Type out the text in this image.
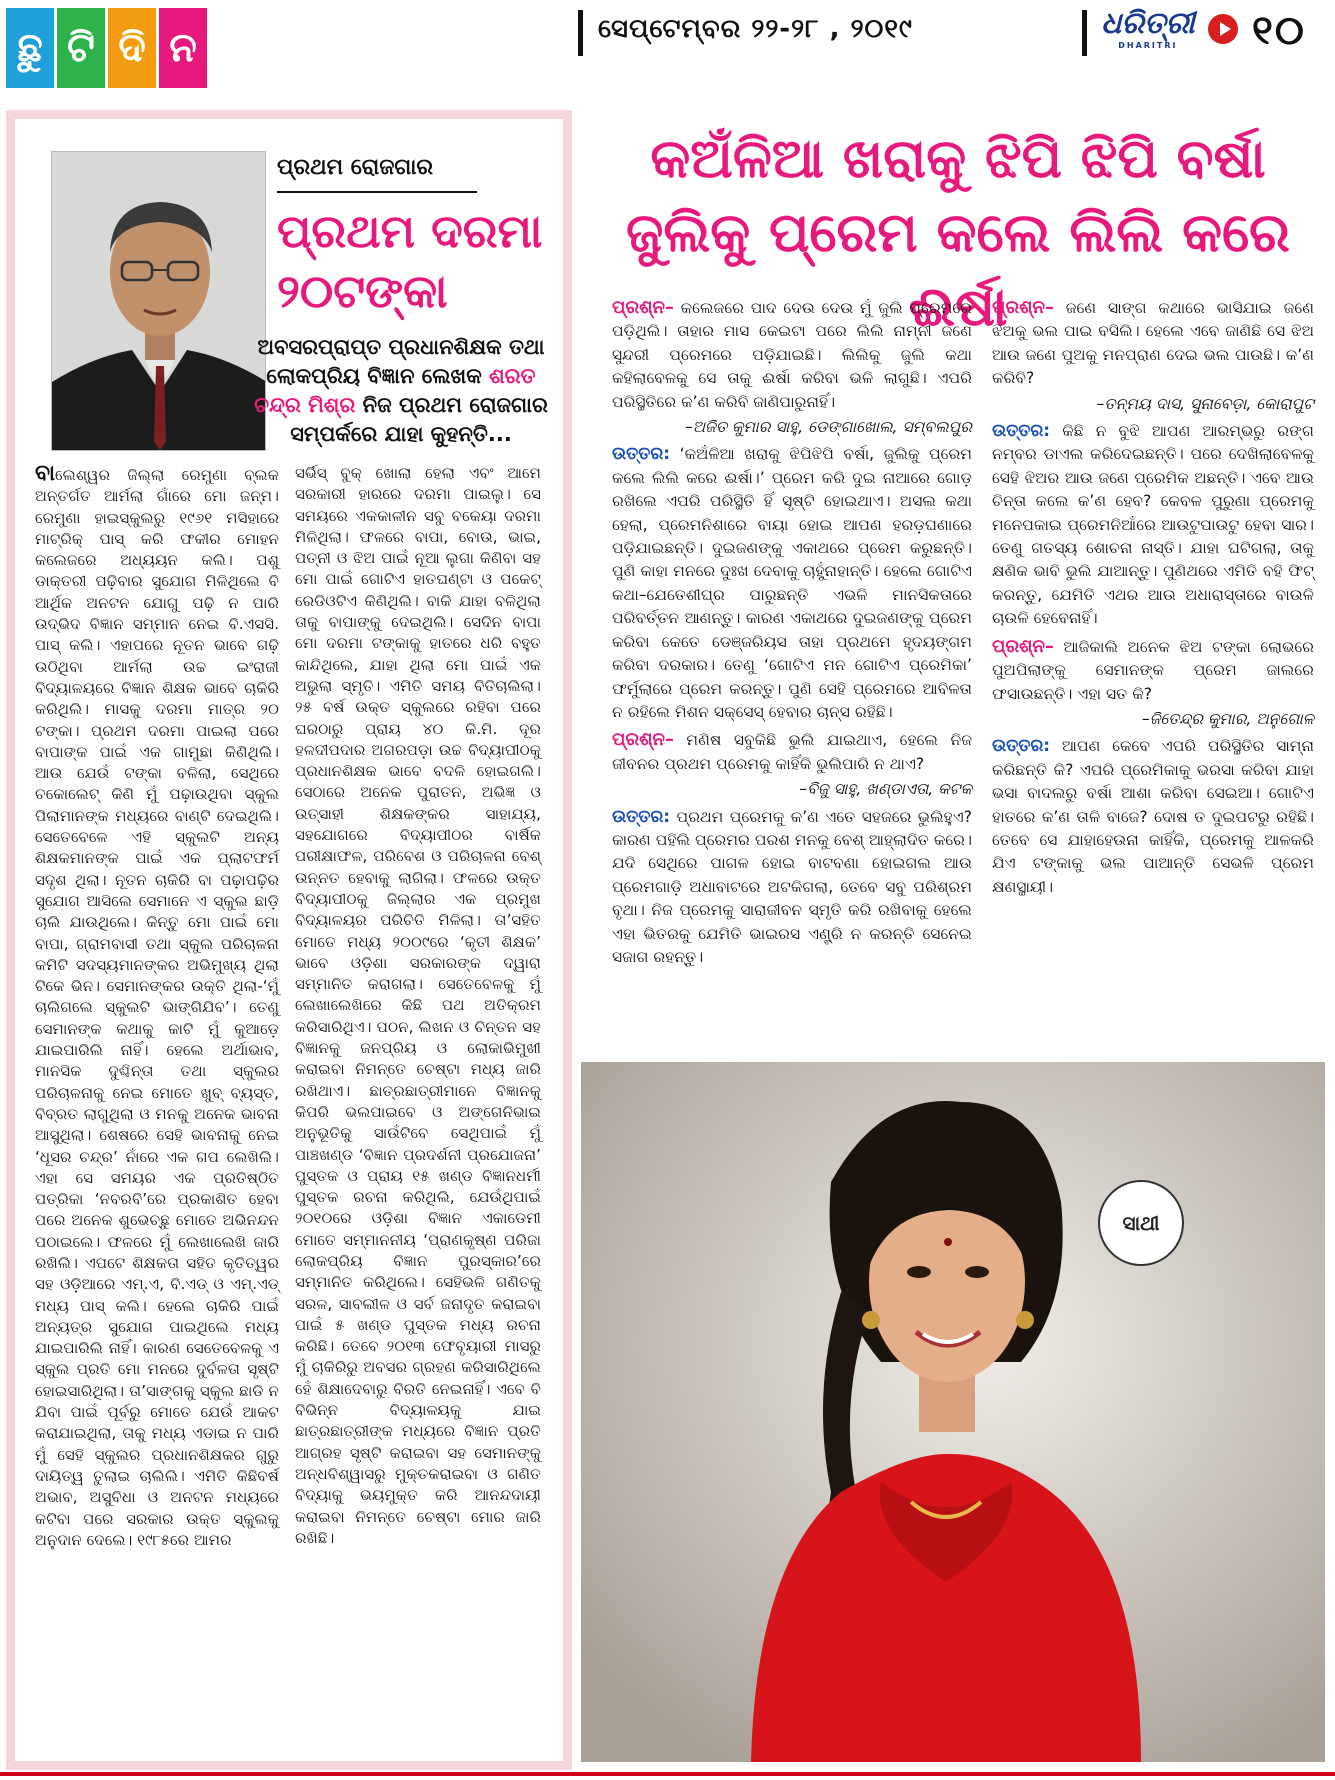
ଛୁ ଟି ଦି ନ	ସେପ୍ଟେମ୍ବର ୨୨-୨୮ , ୨୦୧୯	ଧରିତ୍ରୀ
DHARITRI	୧୦
ପ୍ରଥମ ରୋଜଗାର
ପ୍ରଥମ ଦରମା
୨୦ଟଙ୍କା
ଅବସରପ୍ରାପ୍ତ ପ୍ରଧାନଶିକ୍ଷକ ତଥା ଲୋକପ୍ରିୟ ବିଜ୍ଞାନ ଲେଖକ ଶରତ ଚନ୍ଦ୍ର ମିଶ୍ର ନିଜ ପ୍ରଥମ ରୋଜଗାର ସମ୍ପର୍କରେ ଯାହା କୁହନ୍ତି...
ବାଲେଶ୍ୱର ଜିଲ୍ଲା ରେମୁଣା ବ୍ଲକ ଅନ୍ତର୍ଗତ ଆର୍ମଲା ଗାଁରେ ମୋ ଜନ୍ମ। ରେମୁଣା ହାଇସ୍କୁଲରୁ ୧୯୬୧ ମସିହାରେ ମାଟ୍ରିକ୍ ପାସ୍ କରି ଫକୀର ମୋହନ କଲେଜରେ ଅଧ୍ୟୟନ କଲି। ପଶୁ ଡାକ୍ତରୀ ପଢ଼ିବାର ସୁଯୋଗ ମିଳିଥିଲେ ବି ଆର୍ଥିକ ଅନଟନ ଯୋଗୁ ପଢ଼ି ନ ପାରି ଉଦ୍ଭିଦ ବିଜ୍ଞାନ ସମ୍ମାନ ନେଇ ବି.ଏସସି. ପାସ୍ କଲି। ଏହାପରେ ନୂତନ ଭାବେ ଗଢ଼ି ଉଠିଥିବା ଆର୍ମଲା ଉଚ୍ଚ ଇଂରାଜୀ ବିଦ୍ୟାଳୟରେ ବିଜ୍ଞାନ ଶିକ୍ଷକ ଭାବେ ଚାକିରି କରିଥିଲି। ମାସକୁ ଦରମା ମାତ୍ର ୨୦ ଟଙ୍କା। ପ୍ରଥମ ଦରମା ପାଇଲା ପରେ ବାପାଙ୍କ ପାଇଁ ଏକ ଗାମୁଛା କିଣିଥିଲି। ଆଉ ଯେଉଁ ଟଙ୍କା ବଳିଲା, ସେଥିରେ ଚକୋଲେଟ୍ କିଣି ମୁଁ ପଢ଼ାଉଥିବା ସ୍କୁଲ ପିଲାମାନଙ୍କ ମଧ୍ୟରେ ବାଣ୍ଟି ଦେଇଥିଲି। ସେତେବେଳେ ଏହି ସ୍କୁଲଟି ଅନ୍ୟ ଶିକ୍ଷକମାନଙ୍କ ପାଇଁ ଏକ ପ୍ଲାଟଫର୍ମ ସଦୃଶ ଥିଲା। ନୂତନ ଚାକିରି ବା ପଢ଼ାପଢ଼ିର ସୁଯୋଗ ଆସିଲେ ସେମାନେ ଏ ସ୍କୁଲ ଛାଡ଼ି ଚାଲି ଯାଉଥିଲେ। କିନ୍ତୁ ମୋ ପାଇଁ ମୋ ବାପା, ଗ୍ରାମବାସୀ ତଥା ସ୍କୁଲ ପରିଚାଳନା କମିଟି ସଦସ୍ୟମାନଙ୍କର ଅଭିମୁଖ୍ୟ ଥିଲା ଟିକେ ଭିନ। ସେମାନଙ୍କର ଉକ୍ତି ଥିଲା-‘ମୁଁ ଚାଲିଗଲେ ସ୍କୁଲଟି ଭାଙ୍ଗିଯିବ’। ତେଣୁ ସେମାନଙ୍କ କଥାକୁ କାଟି ମୁଁ କୁଆଡ଼େ ଯାଇପାରିଲି ନାହିଁ। ହେଲେ ଅର୍ଥାଭାବ, ମାନସିକ ଦୁଶ୍ଚିନ୍ତା ତଥା ସ୍କୁଲର ପରିଚାଳନାକୁ ନେଇ ମୋତେ ଖୁବ୍ ବ୍ୟସ୍ତ, ବିବ୍ରତ ଲାଗୁଥିଲା ଓ ମନକୁ ଅନେକ ଭାବନା ଆସୁଥିଲା। ଶେଷରେ ସେହି ଭାବନାକୁ ନେଇ ‘ଧୂସର ଚନ୍ଦ୍ର’ ନାଁରେ ଏକ ଗପ ଲେଖିଲି। ଏହା ସେ ସମୟର ଏକ ପ୍ରତିଷ୍ଠିତ ପତ୍ରିକା ‘ନବରବି’ରେ ପ୍ରକାଶିତ ହେବା ପରେ ଅନେକ ଶୁଭେଚ୍ଛୁ ମୋତେ ଅଭିନନ୍ଦନ ପଠାଇଲେ। ଫଳରେ ମୁଁ ଲେଖାଲେଖି ଜାରି ରଖିଲି। ଏପଟେ ଶିକ୍ଷକତା ସହିତ କୃତିତ୍ୱର ସହ ଓଡ଼ିଆରେ ଏମ୍.ଏ, ବି.ଏଡ୍ ଓ ଏମ୍.ଏଡ୍ ମଧ୍ୟ ପାସ୍ କଲି। ହେଲେ ଚାକିରି ପାଇଁ ଅନ୍ୟତ୍ର ସୁଯୋଗ ପାଇଥିଲେ ମଧ୍ୟ ଯାଇପାରିଲି ନାହିଁ। କାରଣ ସେତେବେଳକୁ ଏ ସ୍କୁଲ ପ୍ରତି ମୋ ମନରେ ଦୁର୍ବଳତା ସୃଷ୍ଟି ହୋଇସାରିଥିଲା। ତା’ସାଙ୍ଗକୁ ସ୍କୁଲ ଛାଡି ନ ଯିବା ପାଇଁ ପୂର୍ବରୁ ମୋତେ ଯେଉଁ ଆକଟ କରାଯାଇଥିଲା, ତାକୁ ମଧ୍ୟ ଏଡାଇ ନ ପାରି ମୁଁ ସେହି ସ୍କୁଲର ପ୍ରଧାନଶିକ୍ଷକର ଗୁରୁ ଦାୟିତ୍ୱ ତୁଲାଇ ଚାଲିଲି। ଏମିତି କିଛିବର୍ଷ ଅଭାବ, ଅସୁବିଧା ଓ ଅନଟନ ମଧ୍ୟରେ କଟିବା ପରେ ସରକାର ଉକ୍ତ ସ୍କୁଲକୁ ଅନୁଦାନ ଦେଲେ। ୧୯୮୫ରେ ଆମର
ସର୍ଭିସ୍ ବୁକ୍ ଖୋଲା ହେଲା ଏବଂ ଆମେ ସରକାରୀ ହାରରେ ଦରମା ପାଇଲୁ। ସେ ସମୟରେ ଏକକାଳୀନ ସବୁ ବକେୟା ଦରମା ମିଳିଥିଲା। ଫଳରେ ବାପା, ବୋଉ, ଭାଇ, ପତ୍ନୀ ଓ ଝିଅ ପାଇଁ ନୂଆ ଲୁଗା କିଣିବା ସହ ମୋ ପାଇଁ ଗୋଟିଏ ହାତଘଣ୍ଟା ଓ ପକେଟ୍ ରେଡିଓଟିଏ କିଣିଥିଲି। ବାକି ଯାହା ବଳିଥିଲା ତାକୁ ବାପାଙ୍କୁ ଦେଇଥିଲି। ସେଦିନ ବାପା ମୋ ଦରମା ଟଙ୍କାକୁ ହାତରେ ଧରି ବହୁତ କାନ୍ଦିଥିଲେ, ଯାହା ଥିଲା ମୋ ପାଇଁ ଏକ ଅଭୁଲା ସ୍ମୃତି। ଏମିତି ସମୟ ବିତିଚାଲିଲା। ୨୫ ବର୍ଷ ଉକ୍ତ ସ୍କୁଲରେ ରହିବା ପରେ ଘରଠାରୁ ପ୍ରାୟ ୪୦ କି.ମି. ଦୂର ହଳଦୀପଦାର ଅଗରପଡ଼ା ଉଚ୍ଚ ବିଦ୍ୟାପୀଠକୁ ପ୍ରଧାନଶିକ୍ଷକ ଭାବେ ବଦଳି ହୋଇଗଲି। ସେଠାରେ ଅନେକ ପୁରାତନ, ଅଭିଜ୍ଞ ଓ ଉତ୍ସାହୀ ଶିକ୍ଷକଙ୍କର ସାହାଯ୍ୟ, ସହଯୋଗରେ ବିଦ୍ୟାପୀଠର ବାର୍ଷିକ ପରୀକ୍ଷାଫଳ, ପରିବେଶ ଓ ପରିଚାଳନା ବେଶ୍ ଉନ୍ନତ ହେବାକୁ ଲାଗିଲା। ଫଳରେ ଉକ୍ତ ବିଦ୍ୟାପୀଠକୁ ଜିଲ୍ଲାର ଏକ ପ୍ରମୁଖ ବିଦ୍ୟାଳୟର ପରିଚିତି ମିଳିଲା। ତା’ସହିତ ମୋତେ ମଧ୍ୟ ୨୦୦୯ରେ ‘କୃତୀ ଶିକ୍ଷକ’ ଭାବେ ଓଡ଼ିଶା ସରକାରଙ୍କ ଦ୍ୱାରା ସମ୍ମାନିତ କରାଗଲା। ସେତେବେଳକୁ ମୁଁ ଲେଖାଲେଖିରେ କିଛି ପଥ ଅତିକ୍ରମ କରିସାରିଥିଏ। ପଠନ, ଲିଖନ ଓ ଚିନ୍ତନ ସହ ବିଜ୍ଞାନକୁ ଜନପ୍ରିୟ ଓ ଲୋକାଭିମୁଖୀ କରାଇବା ନିମନ୍ତେ ଚେଷ୍ଟା ମଧ୍ୟ ଜାରି ରଖିଥାଏ। ଛାତ୍ରଛାତ୍ରୀମାନେ ବିଜ୍ଞାନକୁ କିପରି ଭଲପାଇବେ ଓ ଅଙ୍ଗେନିଭାଇ ଅନୁଭୂତିକୁ ସାଉଁଟିବେ ସେଥିପାଇଁ ମୁଁ ପାଞ୍ଚଖଣ୍ଡ ‘ବିଜ୍ଞାନ ପ୍ରଦର୍ଶନୀ ପ୍ରଯୋଜନା’ ପୁସ୍ତକ ଓ ପ୍ରାୟ ୧୫ ଖଣ୍ଡ ବିଜ୍ଞାନଧର୍ମୀ ପୁସ୍ତକ ରଚନା କରିଥିଲି, ଯେଉଁଥିପାଇଁ ୨୦୧୦ରେ ଓଡ଼ିଶା ବିଜ୍ଞାନ ଏକାଡେମୀ ମୋତେ ସମ୍ମାନନୀୟ ‘ପ୍ରାଣକୃଷ୍ଣ ପରିଜା ଲୋକପ୍ରିୟ ବିଜ୍ଞାନ ପୁରସ୍କାର’ରେ ସମ୍ମାନିତ କରିଥିଲେ। ସେହିଭଳି ଗଣିତକୁ ସରଳ, ସାବଲୀଳ ଓ ସର୍ବ ଜନାଦୃତ କରାଇବା ପାଇଁ ୫ ଖଣ୍ଡ ପୁସ୍ତକ ମଧ୍ୟ ରଚନା କରିଛି। ତେବେ ୨୦୧୩ ଫେବୃୟାରୀ ମାସରୁ ମୁଁ ଚାକିରିରୁ ଅବସର ଗ୍ରହଣ କରିସାରିଥିଲେ ହେଁ ଶିକ୍ଷାଦେବାରୁ ବିରତି ନେଇନାହିଁ। ଏବେ ବି ବିଭିନ୍ନ ବିଦ୍ୟାଳୟକୁ ଯାଇ ଛାତ୍ରଛାତ୍ରୀଙ୍କ ମଧ୍ୟରେ ବିଜ୍ଞାନ ପ୍ରତି ଆଗ୍ରହ ସୃଷ୍ଟି କରାଇବା ସହ ସେମାନଙ୍କୁ ଅନ୍ଧବିଶ୍ୱାସରୁ ମୁକ୍ତକରାଇବା ଓ ଗଣିତ ବିଦ୍ୟାକୁ ଭୟମୁକ୍ତ କରି ଆନନ୍ଦଦାୟୀ କରାଇବା ନିମନ୍ତେ ଚେଷ୍ଟା ମୋର ଜାରି ରଖିଛି।
କଅଁଳିଆ ଖରାକୁ ଝିପି ଝିପି ବର୍ଷା
ଜୁଲିକୁ ପ୍ରେମ କଲେ ଲିଲି କରେ ଈର୍ଷା
ପ୍ରଶ୍ନ– କଲେଜରେ ପାଦ ଦେଉ ଦେଉ ମୁଁ ଜୁଲି ପ୍ରେମରେ ପଡ଼ିଥିଲି। ତାହାର ମାସ କେଇଟା ପରେ ଲିଲି ନାମ୍ନୀ ଜଣେ ସୁନ୍ଦରୀ ପ୍ରେମରେ ପଡ଼ିଯାଇଛି। ଲିଲିକୁ ଜୁଲି କଥା କହିଲାବେଳକୁ ସେ ତାକୁ ଈର୍ଷା କରିବା ଭଳି ଲାଗୁଛି। ଏପରି ପରିସ୍ଥିତିରେ କ’ଣ କରିବି ଜାଣିପାରୁନାହିଁ।
–ଅଜିତ କୁମାର ସାହୁ, ଡେଙ୍ଗାଖୋଲ, ସମ୍ବଲପୁର
ଉତ୍ତର: ‘କଅଁଳିଆ ଖରାକୁ ଝିପିଝିପି ବର୍ଷା, ଜୁଲିକୁ ପ୍ରେମ କଲେ ଲିଲି କରେ ଈର୍ଷା।’ ପ୍ରେମ କରି ଦୁଇ ନାଆରେ ଗୋଡ଼ ରଖିଲେ ଏପରି ପରିସ୍ଥିତି ହିଁ ସୃଷ୍ଟି ହୋଇଥାଏ। ଅସଲ କଥା ହେଲା, ପ୍ରେମନିଶାରେ ବାୟା ହୋଇ ଆପଣ ହରଡ଼ଘଣାରେ ପଡ଼ିଯାଇଛନ୍ତି। ଦୁଇଜଣଙ୍କୁ ଏକାଥରେ ପ୍ରେମ କରୁଛନ୍ତି। ପୁଣି କାହା ମନରେ ଦୁଃଖ ଦେବାକୁ ଚାହୁଁନାହାନ୍ତି। ହେଲେ ଗୋଟିଏ କଥା–ଯେତେଶୀଘ୍ର ପାରୁଛନ୍ତି ଏଭଳି ମାନସିକତାରେ ପରିବର୍ତ୍ତନ ଆଣନ୍ତୁ। କାରଣ ଏକାଥରେ ଦୁଇଜଣଙ୍କୁ ପ୍ରେମ କରିବା କେତେ ଡେଞ୍ଜରିୟସ ତାହା ପ୍ରଥମେ ହୃଦୟଙ୍ଗମ କରିବା ଦରକାର। ତେଣୁ ‘ଗୋଟିଏ ମନ ଗୋଟିଏ ପ୍ରେମିକା’ ଫର୍ମୁଲାରେ ପ୍ରେମ କରନ୍ତୁ। ପୁଣି ସେହି ପ୍ରେମରେ ଆବିଳତା ନ ରହିଲେ ମିଶନ ସକ୍ସେସ୍ ହେବାର ଚାନ୍ସ ରହିଛି।
ପ୍ରଶ୍ନ– ମଣିଷ ସବୁକିଛି ଭୁଲି ଯାଇଥାଏ, ହେଲେ ନିଜ ଜୀବନର ପ୍ରଥମ ପ୍ରେମକୁ କାହିଁକି ଭୁଲିପାରି ନ ଥାଏ?
–ବିଜୁ ସାହୁ, ଖଣ୍ଡାଏତା, କଟକ
ଉତ୍ତର: ପ୍ରଥମ ପ୍ରେମକୁ କ’ଣ ଏତେ ସହଜରେ ଭୁଲିହୁଏ? କାରଣ ପହିଲି ପ୍ରେମର ପରଶ ମନକୁ ବେଶ୍ ଆହ୍ଲାଦିତ କରେ। ଯଦି ସେଥିରେ ପାଗଳ ହୋଇ ବାଟବଣା ହୋଇଗଲ ଆଉ ପ୍ରେମଗାଡ଼ି ଅଧାବାଟରେ ଅଟକିଗଲା, ତେବେ ସବୁ ପରିଶ୍ରମ ବୃଥା। ନିଜ ପ୍ରେମକୁ ସାରାଜୀବନ ସ୍ମୃତି କରି ରଖିବାକୁ ହେଲେ ଏହା ଭିତରକୁ ଯେମିତି ଭାଇରସ ଏଣ୍ଟ୍ରି ନ କରନ୍ତି ସେନେଇ ସଜାଗ ରହନ୍ତୁ।
ପ୍ରଶ୍ନ– ଜଣେ ସାଙ୍ଗ କଥାରେ ଭାସିଯାଇ ଜଣେ ଝିଅକୁ ଭଲ ପାଇ ବସିଲି। ହେଲେ ଏବେ ଜାଣିଛି ସେ ଝିଅ ଆଉ ଜଣେ ପୁଅକୁ ମନପ୍ରାଣ ଦେଇ ଭଲ ପାଉଛି। କ’ଣ କରିବି?
–ତନ୍ମୟ ଦାସ, ସୁନାବେଡ଼ା, କୋରାପୁଟ
ଉତ୍ତର: କିଛି ନ ବୁଝି ଆପଣ ଆରମ୍ଭରୁ ରଙ୍ଗ ନମ୍ବର ଡାଏଲ କରିଦେଇଛନ୍ତି। ପରେ ଦେଖିଲାବେଳକୁ ସେହି ଝିଅର ଆଉ ଜଣେ ପ୍ରେମିକ ଅଛନ୍ତି। ଏବେ ଆଉ ଚିନ୍ତା କଲେ କ’ଣ ହେବ? କେବଳ ପୁରୁଣା ପ୍ରେମକୁ ମନେପକାଇ ପ୍ରେମନିଆଁରେ ଆଉଟୁପାଉଟୁ ହେବା ସାର। ତେଣୁ ଗତସ୍ୟ ଶୋଚନା ନାସ୍ତି। ଯାହା ଘଟିଗଲା, ତାକୁ କ୍ଷଣିକ ଭାବି ଭୁଲି ଯାଆନ୍ତୁ। ପୁଣିଥରେ ଏମିତି ବହି ଫିଟ୍ କରନ୍ତୁ, ଯେମିତି ଏଥର ଆଉ ଅଧାରାସ୍ତାରେ ବାଉଳି ଚାଉଳି ହେବେନାହିଁ।
ପ୍ରଶ୍ନ– ଆଜିକାଲି ଅନେକ ଝିଅ ଟଙ୍କା ଲୋଭରେ ପୁଅପିଲାଙ୍କୁ ସେମାନଙ୍କ ପ୍ରେମ ଜାଲରେ ଫସାଉଛନ୍ତି। ଏହା ସତ କି?
–ଜିତେନ୍ଦ୍ର କୁମାର, ଅନୁଗୋଳ
ଉତ୍ତର: ଆପଣ କେବେ ଏପରି ପରିସ୍ଥିତିର ସାମ୍ନା କରିଛନ୍ତି କି? ଏପରି ପ୍ରେମିକାକୁ ଭରସା କରିବା ଯାହା ଭସା ବାଦଲରୁ ବର୍ଷା ଆଶା କରିବା ସେଇଆ। ଗୋଟିଏ ହାତରେ କ’ଣ ତାଳି ବାଜେ? ଦୋଷ ତ ଦୁଇପଟରୁ ରହିଛି। ତେବେ ସେ ଯାହାହେଉନା କାହିଁକି, ପ୍ରେମକୁ ଆଳକରି ଯିଏ ଟଙ୍କାକୁ ଭଲ ପାଆନ୍ତି ସେଭଳି ପ୍ରେମ କ୍ଷଣସ୍ଥାୟୀ।
ସାଥୀ
